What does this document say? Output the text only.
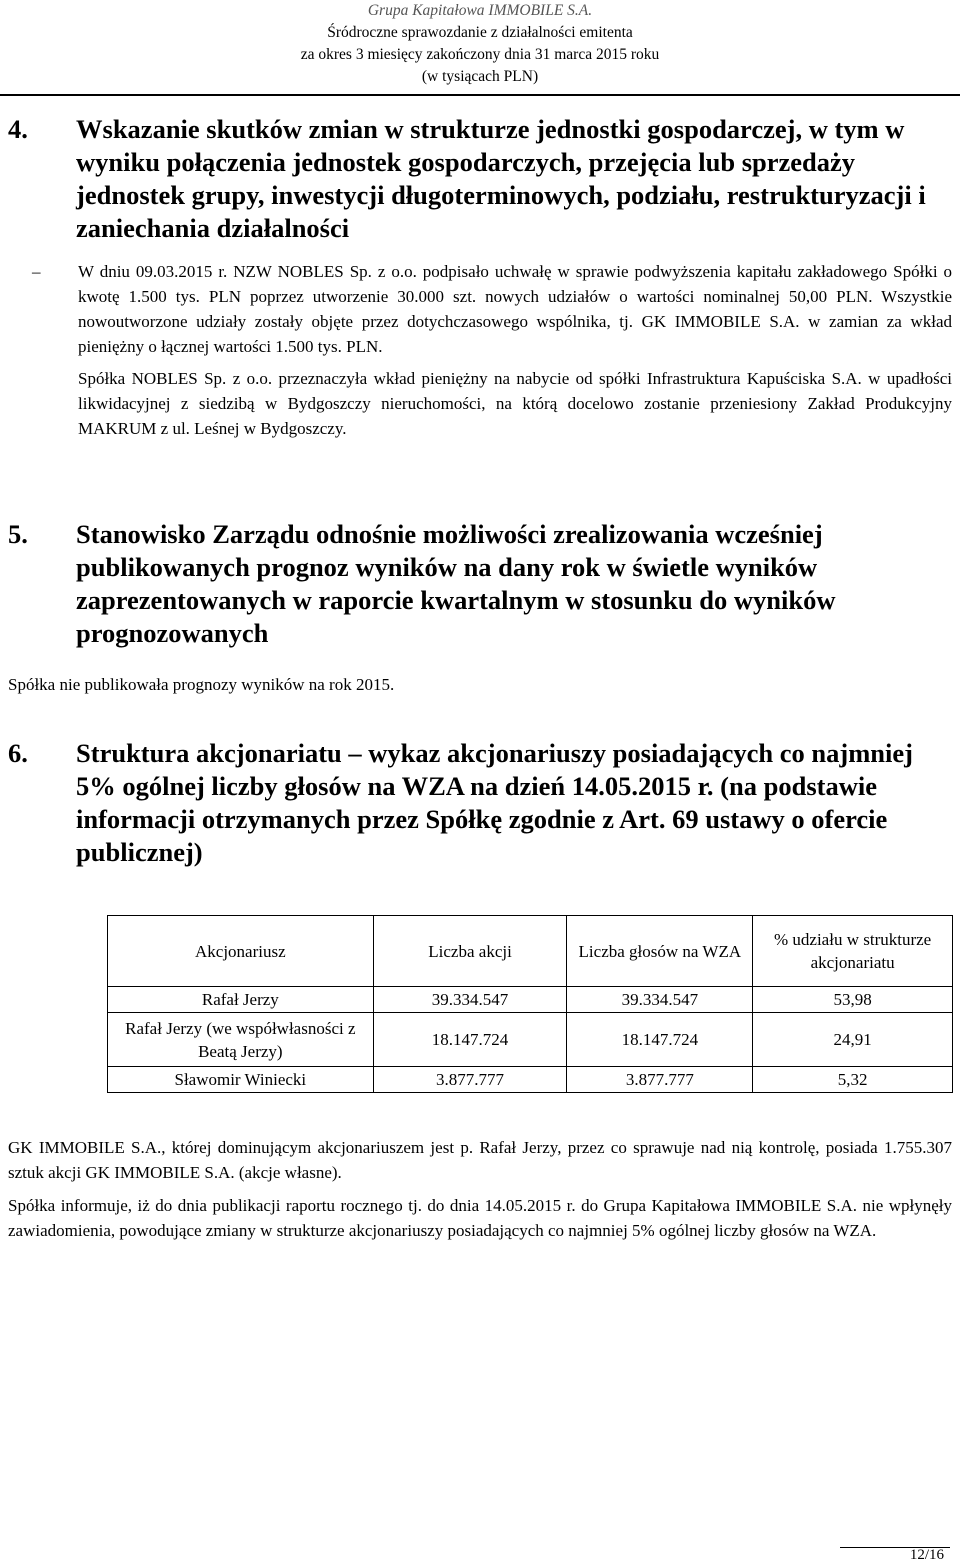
Grupa Kapitałowa IMMOBILE S.A.
Śródroczne sprawozdanie z działalności emitenta
za okres 3 miesięcy zakończony dnia 31 marca 2015 roku
(w tysiącach PLN)
4.	Wskazanie skutków zmian w strukturze jednostki gospodarczej, w tym w wyniku połączenia jednostek gospodarczych, przejęcia lub sprzedaży jednostek grupy, inwestycji długoterminowych, podziału, restrukturyzacji i zaniechania działalności
–	W dniu 09.03.2015 r. NZW NOBLES Sp. z o.o. podpisało uchwałę w sprawie podwyższenia kapitału zakładowego Spółki o kwotę 1.500 tys. PLN poprzez utworzenie 30.000 szt. nowych udziałów o wartości nominalnej 50,00 PLN. Wszystkie nowoutworzone udziały zostały objęte przez dotychczasowego wspólnika, tj. GK IMMOBILE S.A. w zamian za wkład pieniężny o łącznej wartości 1.500 tys. PLN.
Spółka NOBLES Sp. z o.o. przeznaczyła wkład pieniężny na nabycie od spółki Infrastruktura Kapuściska S.A. w upadłości likwidacyjnej z siedzibą w Bydgoszczy nieruchomości, na którą docelowo zostanie przeniesiony Zakład Produkcyjny MAKRUM z ul. Leśnej w Bydgoszczy.
5.	Stanowisko Zarządu odnośnie możliwości zrealizowania wcześniej publikowanych prognoz wyników na dany rok w świetle wyników zaprezentowanych w raporcie kwartalnym w stosunku do wyników prognozowanych
Spółka nie publikowała prognozy wyników na rok 2015.
6.	Struktura akcjonariatu – wykaz akcjonariuszy posiadających co najmniej 5% ogólnej liczby głosów na WZA na dzień 14.05.2015 r. (na podstawie informacji otrzymanych przez Spółkę zgodnie z Art. 69 ustawy o ofercie publicznej)
Akcjonariusz	Liczba akcji	Liczba głosów na WZA	% udziału w strukturze akcjonariatu
Rafał Jerzy	39.334.547	39.334.547	53,98
Rafał Jerzy (we współwłasności z Beatą Jerzy)	18.147.724	18.147.724	24,91
Sławomir Winiecki	3.877.777	3.877.777	5,32
GK IMMOBILE S.A., której dominującym akcjonariuszem jest p. Rafał Jerzy, przez co sprawuje nad nią kontrolę, posiada 1.755.307 sztuk akcji GK IMMOBILE S.A. (akcje własne).
Spółka informuje, iż do dnia publikacji raportu rocznego tj. do dnia 14.05.2015 r. do Grupa Kapitałowa IMMOBILE S.A. nie wpłynęły zawiadomienia, powodujące zmiany w strukturze akcjonariuszy posiadających co najmniej 5% ogólnej liczby głosów na WZA.
12/16
